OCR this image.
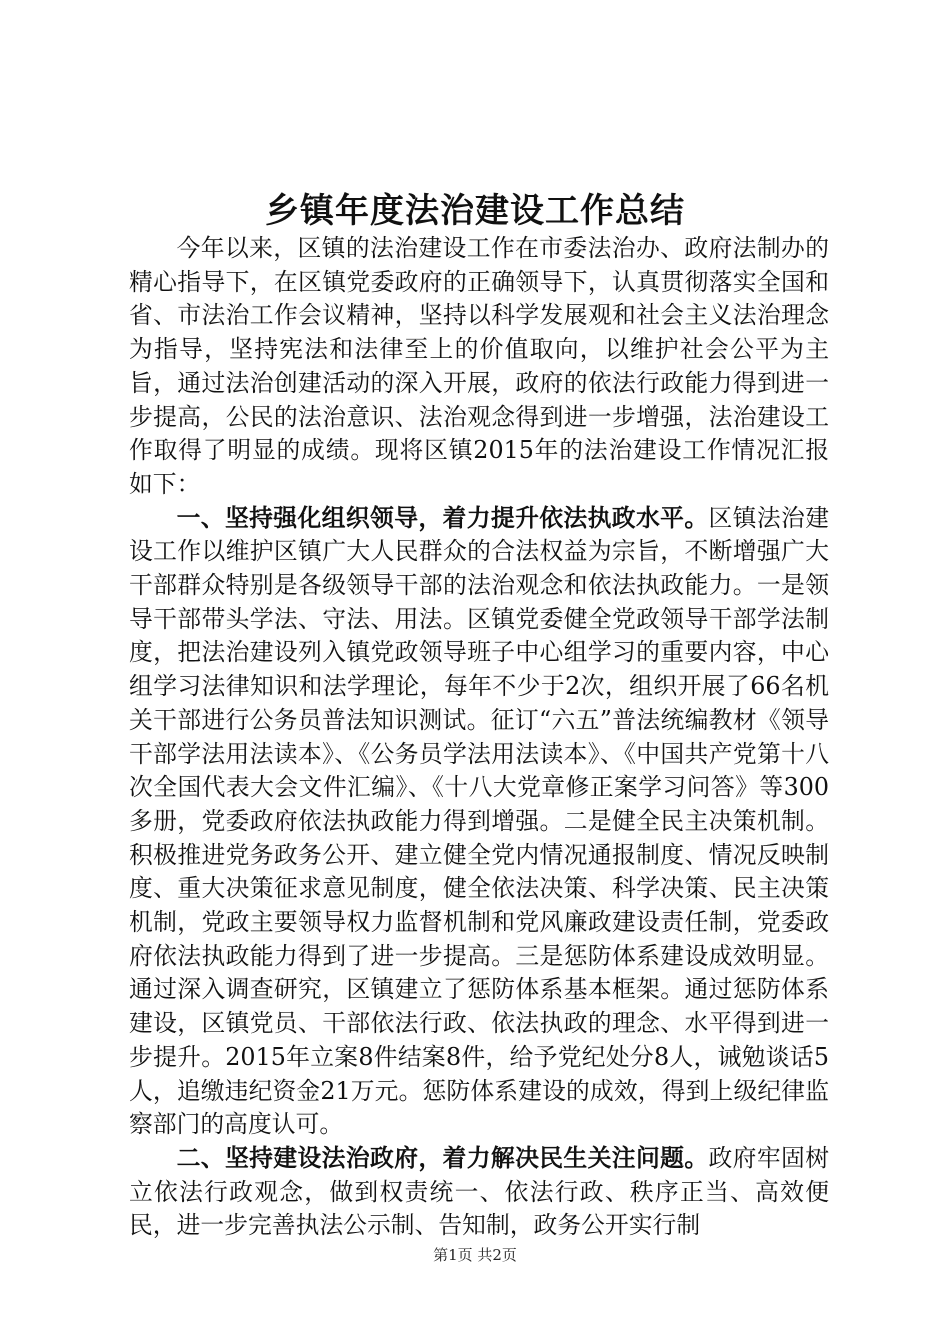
乡镇年度法治建设工作总结

今年以来，区镇的法治建设工作在市委法治办、政府法制办的精心指导下，在区镇党委政府的正确领导下，认真贯彻落实全国和省、市法治工作会议精神，坚持以科学发展观和社会主义法治理念为指导，坚持宪法和法律至上的价值取向，以维护社会公平为主旨，通过法治创建活动的深入开展，政府的依法行政能力得到进一步提高，公民的法治意识、法治观念得到进一步增强，法治建设工作取得了明显的成绩。现将区镇2015年的法治建设工作情况汇报如下：

一、坚持强化组织领导，着力提升依法执政水平。区镇法治建设工作以维护区镇广大人民群众的合法权益为宗旨，不断增强广大干部群众特别是各级领导干部的法治观念和依法执政能力。一是领导干部带头学法、守法、用法。区镇党委健全党政领导干部学法制度，把法治建设列入镇党政领导班子中心组学习的重要内容，中心组学习法律知识和法学理论，每年不少于2次，组织开展了66名机关干部进行公务员普法知识测试。征订“六五”普法统编教材《领导干部学法用法读本》、《公务员学法用法读本》、《中国共产党第十八次全国代表大会文件汇编》、《十八大党章修正案学习问答》等300多册，党委政府依法执政能力得到增强。二是健全民主决策机制。积极推进党务政务公开、建立健全党内情况通报制度、情况反映制度、重大决策征求意见制度，健全依法决策、科学决策、民主决策机制，党政主要领导权力监督机制和党风廉政建设责任制，党委政府依法执政能力得到了进一步提高。三是惩防体系建设成效明显。通过深入调查研究，区镇建立了惩防体系基本框架。通过惩防体系建设，区镇党员、干部依法行政、依法执政的理念、水平得到进一步提升。2015年立案8件结案8件，给予党纪处分8人，诫勉谈话5人，追缴违纪资金21万元。惩防体系建设的成效，得到上级纪律监察部门的高度认可。

二、坚持建设法治政府，着力解决民生关注问题。政府牢固树立依法行政观念，做到权责统一、依法行政、秩序正当、高效便民，进一步完善执法公示制、告知制，政务公开实行制

第1页 共2页
